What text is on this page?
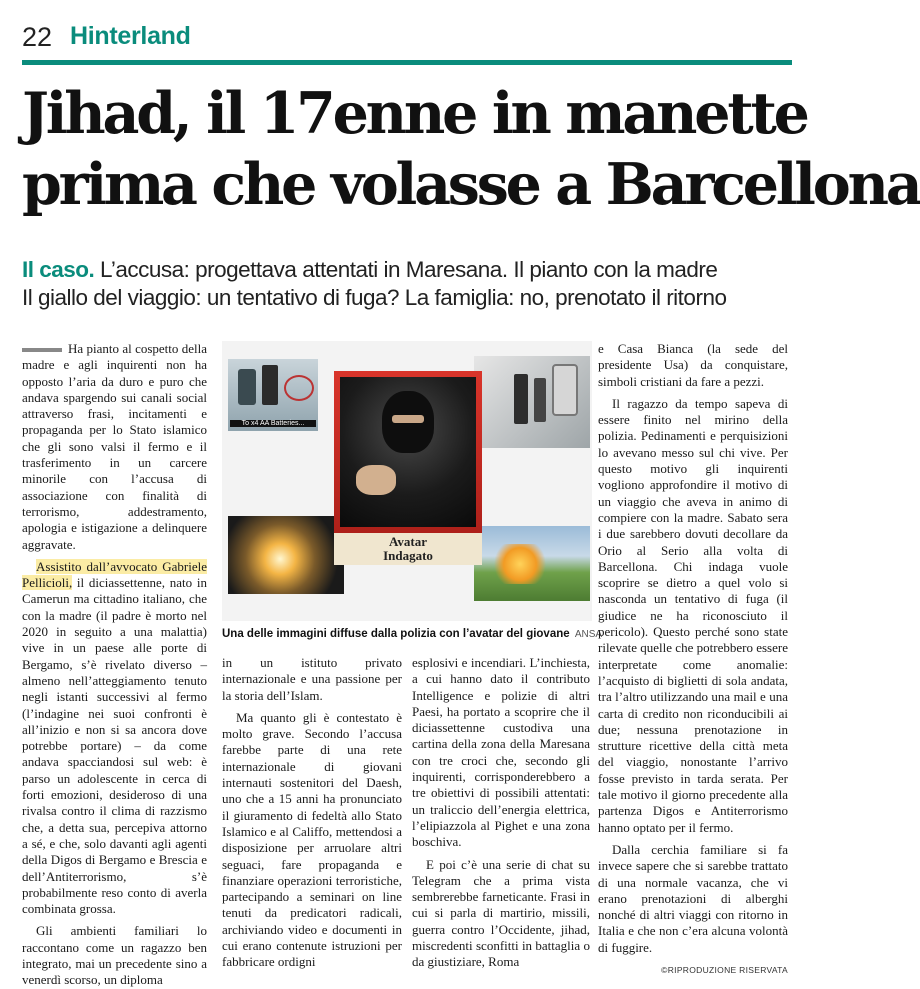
22 Hinterland
Jihad, il 17enne in manette
prima che volasse a Barcellona
Il caso. L’accusa: progettava attentati in Maresana. Il pianto con la madre
Il giallo del viaggio: un tentativo di fuga? La famiglia: no, prenotato il ritorno

Ha pianto al cospetto della madre e agli inquirenti non ha opposto l’aria da duro e puro che andava spargendo sui canali social attraverso frasi, incitamenti e propaganda per lo Stato islamico che gli sono valsi il fermo e il trasferimento in un carcere minorile con l’accusa di associazione con finalità di terrorismo, addestramento, apologia e istigazione a delinquere aggravate.

Assistito dall’avvocato Gabriele Pellicioli, il diciassettenne, nato in Camerun ma cittadino italiano, che con la madre (il padre è morto nel 2020 in seguito a una malattia) vive in un paese alle porte di Bergamo, s’è rivelato diverso – almeno nell’atteggiamento tenuto negli istanti successivi al fermo (l’indagine nei suoi confronti è all’inizio e non si sa ancora dove potrebbe portare) – da come andava spacciandosi sul web: è parso un adolescente in cerca di forti emozioni, desideroso di una rivalsa contro il clima di razzismo che, a detta sua, percepiva attorno a sé, e che, solo davanti agli agenti della Digos di Bergamo e Brescia e dell’Antiterrorismo, s’è probabilmente reso conto di averla combinata grossa.

Gli ambienti familiari lo raccontano come un ragazzo ben integrato, mai un precedente sino a venerdì scorso, un diploma

To x4 AA Batteries...
Avatar
Indagato
Una delle immagini diffuse dalla polizia con l’avatar del giovane ANSA

in un istituto privato internazionale e una passione per la storia dell’Islam.

Ma quanto gli è contestato è molto grave. Secondo l’accusa farebbe parte di una rete internazionale di giovani internauti sostenitori del Daesh, uno che a 15 anni ha pronunciato il giuramento di fedeltà allo Stato Islamico e al Califfo, mettendosi a disposizione per arruolare altri seguaci, fare propaganda e finanziare operazioni terroristiche, partecipando a seminari on line tenuti da predicatori radicali, archiviando video e documenti in cui erano contenute istruzioni per fabbricare ordigni

esplosivi e incendiari. L’inchiesta, a cui hanno dato il contributo Intelligence e polizie di altri Paesi, ha portato a scoprire che il diciassettenne custodiva una cartina della zona della Maresana con tre croci che, secondo gli inquirenti, corrisponderebbero a tre obiettivi di possibili attentati: un traliccio dell’energia elettrica, l’elipiazzola al Pighet e una zona boschiva.

E poi c’è una serie di chat su Telegram che a prima vista sembrerebbe farneticante. Frasi in cui si parla di martirio, missili, guerra contro l’Occidente, jihad, miscredenti sconfitti in battaglia o da giustiziare, Roma

e Casa Bianca (la sede del presidente Usa) da conquistare, simboli cristiani da fare a pezzi.

Il ragazzo da tempo sapeva di essere finito nel mirino della polizia. Pedinamenti e perquisizioni lo avevano messo sul chi vive. Per questo motivo gli inquirenti vogliono approfondire il motivo di un viaggio che aveva in animo di compiere con la madre. Sabato sera i due sarebbero dovuti decollare da Orio al Serio alla volta di Barcellona. Chi indaga vuole scoprire se dietro a quel volo si nasconda un tentativo di fuga (il giudice ne ha riconosciuto il pericolo). Questo perché sono state rilevate quelle che potrebbero essere interpretate come anomalie: l’acquisto di biglietti di sola andata, tra l’altro utilizzando una mail e una carta di credito non riconducibili ai due; nessuna prenotazione in strutture ricettive della città meta del viaggio, nonostante l’arrivo fosse previsto in tarda serata. Per tale motivo il giorno precedente alla partenza Digos e Antiterrorismo hanno optato per il fermo.

Dalla cerchia familiare si fa invece sapere che si sarebbe trattato di una normale vacanza, che vi erano prenotazioni di alberghi nonché di altri viaggi con ritorno in Italia e che non c’era alcuna volontà di fuggire.

©RIPRODUZIONE RISERVATA
